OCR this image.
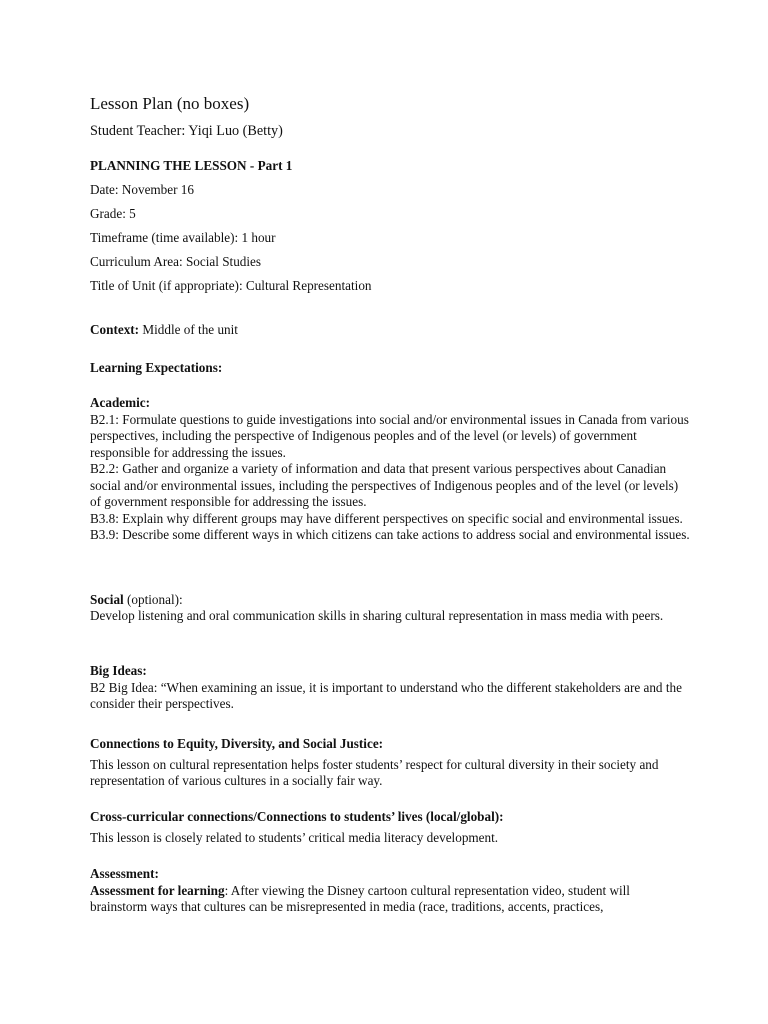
Lesson Plan (no boxes)
Student Teacher: Yiqi Luo (Betty)
PLANNING THE LESSON - Part 1
Date: November 16
Grade: 5
Timeframe (time available): 1 hour
Curriculum Area: Social Studies
Title of Unit (if appropriate): Cultural Representation
Context: Middle of the unit
Learning Expectations:

Academic:

B2.1: Formulate questions to guide investigations into social and/or environmental issues in Canada from various perspectives, including the perspective of Indigenous peoples and of the level (or levels) of government responsible for addressing the issues.

B2.2: Gather and organize a variety of information and data that present various perspectives about Canadian social and/or environmental issues, including the perspectives of Indigenous peoples and of the level (or levels) of government responsible for addressing the issues.

B3.8: Explain why different groups may have different perspectives on specific social and environmental issues.

B3.9: Describe some different ways in which citizens can take actions to address social and environmental issues.

Social (optional):
Develop listening and oral communication skills in sharing cultural representation in mass media with peers.

Big Ideas:

B2 Big Idea: “When examining an issue, it is important to understand who the different stakeholders are and the consider their perspectives.

Connections to Equity, Diversity, and Social Justice:

This lesson on cultural representation helps foster students’ respect for cultural diversity in their society and representation of various cultures in a socially fair way.

Cross-curricular connections/Connections to students’ lives (local/global):

This lesson is closely related to students’ critical media literacy development.

Assessment:

Assessment for learning: After viewing the Disney cartoon cultural representation video, student will brainstorm ways that cultures can be misrepresented in media (race, traditions, accents, practices,
